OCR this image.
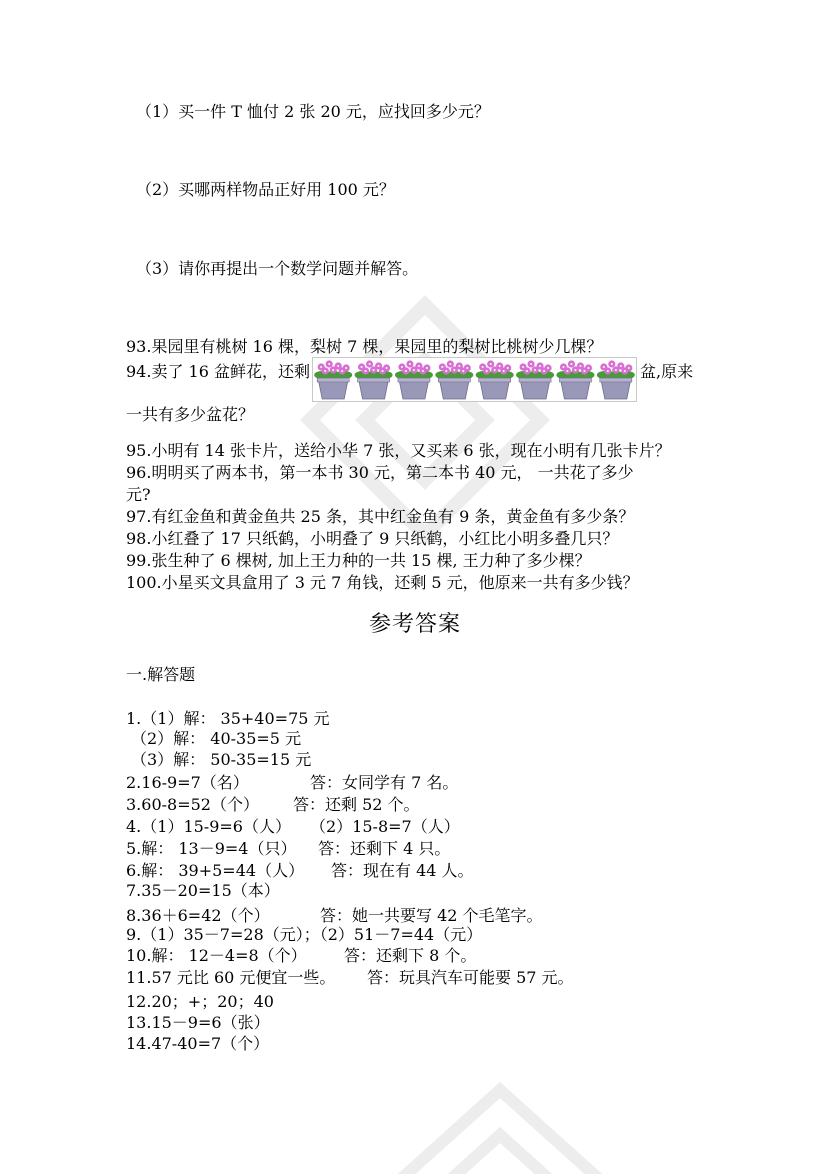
（1）买一件 T 恤付 2 张 20 元，应找回多少元？
（2）买哪两样物品正好用 100 元？
（3）请你再提出一个数学问题并解答。
93.果园里有桃树 16 棵，梨树 7 棵，果园里的梨树比桃树少几棵？
94.卖了 16 盆鲜花，还剩	盆,原来
一共有多少盆花？
95.小明有 14 张卡片，送给小华 7 张，又买来 6 张，现在小明有几张卡片？
96.明明买了两本书，第一本书 30 元，第二本书 40 元， 一共花了多少
元?
97.有红金鱼和黄金鱼共 25 条，其中红金鱼有 9 条，黄金鱼有多少条？
98.小红叠了 17 只纸鹤，小明叠了 9 只纸鹤，小红比小明多叠几只？
99.张生种了 6 棵树, 加上王力种的一共 15 棵, 王力种了多少棵？
100.小星买文具盒用了 3 元 7 角钱，还剩 5 元，他原来一共有多少钱？
参考答案
一.解答题
1.（1）解： 35+40=75 元
（2）解： 40-35=5 元
（3）解： 50-35=15 元
2.16-9=7（名）	答：女同学有 7 名。
3.60-8=52（个） 答：还剩 52 个。
4.（1）15-9=6（人） （2）15-8=7（人）
5.解： 13－9=4（只） 答：还剩下 4 只。
6.解： 39+5=44（人） 答：现在有 44 人。
7.35－20=15（本）
8.36＋6=42（个）	答：她一共要写 42 个毛笔字。
9.（1）35－7=28（元）；（2）51－7=44（元）
10.解： 12－4=8（个） 答：还剩下 8 个。
11.57 元比 60 元便宜一些。 答：玩具汽车可能要 57 元。
12.20；+；20；40
13.15－9=6（张）
14.47-40=7（个）
